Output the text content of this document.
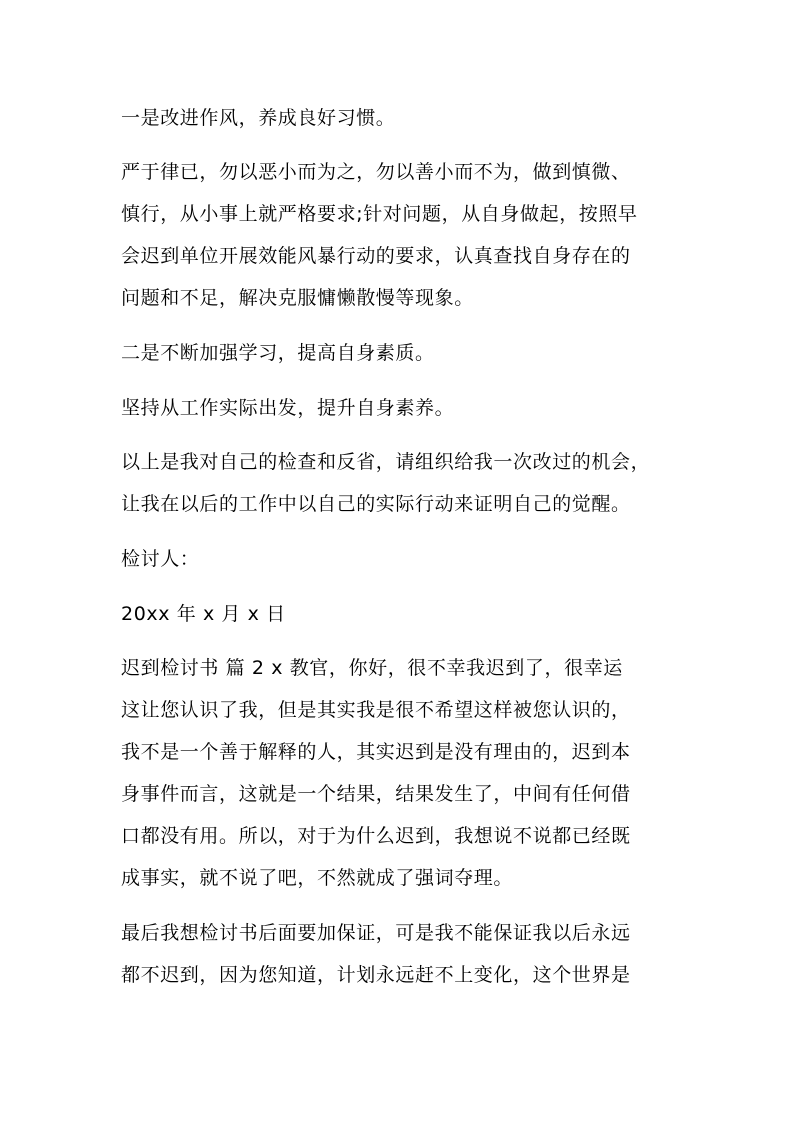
一是改进作风，养成良好习惯。
严于律已，勿以恶小而为之，勿以善小而不为，做到慎微、
慎行，从小事上就严格要求;针对问题，从自身做起，按照早
会迟到单位开展效能风暴行动的要求，认真查找自身存在的
问题和不足，解决克服慵懒散慢等现象。
二是不断加强学习，提高自身素质。
坚持从工作实际出发，提升自身素养。
以上是我对自己的检查和反省，请组织给我一次改过的机会，
让我在以后的工作中以自己的实际行动来证明自己的觉醒。
检讨人：
20xx 年 x 月 x 日
迟到检讨书 篇 2 x 教官，你好，很不幸我迟到了，很幸运
这让您认识了我，但是其实我是很不希望这样被您认识的，
我不是一个善于解释的人，其实迟到是没有理由的，迟到本
身事件而言，这就是一个结果，结果发生了，中间有任何借
口都没有用。所以，对于为什么迟到，我想说不说都已经既
成事实，就不说了吧，不然就成了强词夺理。
最后我想检讨书后面要加保证，可是我不能保证我以后永远
都不迟到，因为您知道，计划永远赶不上变化，这个世界是
